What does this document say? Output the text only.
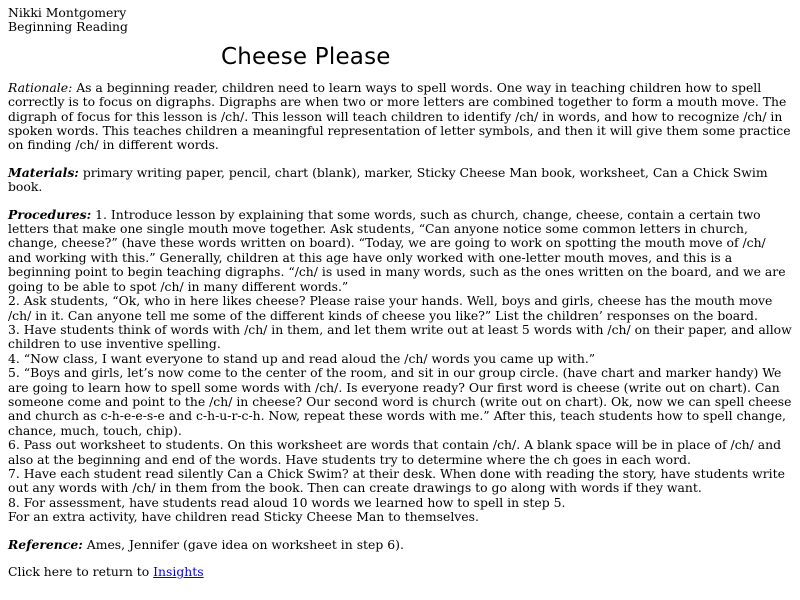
Nikki Montgomery
Beginning Reading
Cheese Please

Rationale: As a beginning reader, children need to learn ways to spell words. One way in teaching children how to spell correctly is to focus on digraphs. Digraphs are when two or more letters are combined together to form a mouth move. The digraph of focus for this lesson is /ch/. This lesson will teach children to identify /ch/ in words, and how to recognize /ch/ in spoken words. This teaches children a meaningful representation of letter symbols, and then it will give them some practice on finding /ch/ in different words.

Materials: primary writing paper, pencil, chart (blank), marker, Sticky Cheese Man book, worksheet, Can a Chick Swim book.

Procedures: 1. Introduce lesson by explaining that some words, such as church, change, cheese, contain a certain two letters that make one single mouth move together. Ask students, “Can anyone notice some common letters in church, change, cheese?” (have these words written on board). “Today, we are going to work on spotting the mouth move of /ch/ and working with this.” Generally, children at this age have only worked with one-letter mouth moves, and this is a beginning point to begin teaching digraphs. “/ch/ is used in many words, such as the ones written on the board, and we are going to be able to spot /ch/ in many different words.”
2. Ask students, “Ok, who in here likes cheese? Please raise your hands. Well, boys and girls, cheese has the mouth move /ch/ in it. Can anyone tell me some of the different kinds of cheese you like?” List the children’ responses on the board.
3. Have students think of words with /ch/ in them, and let them write out at least 5 words with /ch/ on their paper, and allow children to use inventive spelling.
4. “Now class, I want everyone to stand up and read aloud the /ch/ words you came up with.”
5. “Boys and girls, let’s now come to the center of the room, and sit in our group circle. (have chart and marker handy) We are going to learn how to spell some words with /ch/. Is everyone ready? Our first word is cheese (write out on chart). Can someone come and point to the /ch/ in cheese? Our second word is church (write out on chart). Ok, now we can spell cheese and church as c-h-e-e-s-e and c-h-u-r-c-h. Now, repeat these words with me.” After this, teach students how to spell change, chance, much, touch, chip).
6. Pass out worksheet to students. On this worksheet are words that contain /ch/. A blank space will be in place of /ch/ and also at the beginning and end of the words. Have students try to determine where the ch goes in each word.
7. Have each student read silently Can a Chick Swim? at their desk. When done with reading the story, have students write out any words with /ch/ in them from the book. Then can create drawings to go along with words if they want.
8. For assessment, have students read aloud 10 words we learned how to spell in step 5.
For an extra activity, have children read Sticky Cheese Man to themselves.

Reference: Ames, Jennifer (gave idea on worksheet in step 6).

Click here to return to Insights
